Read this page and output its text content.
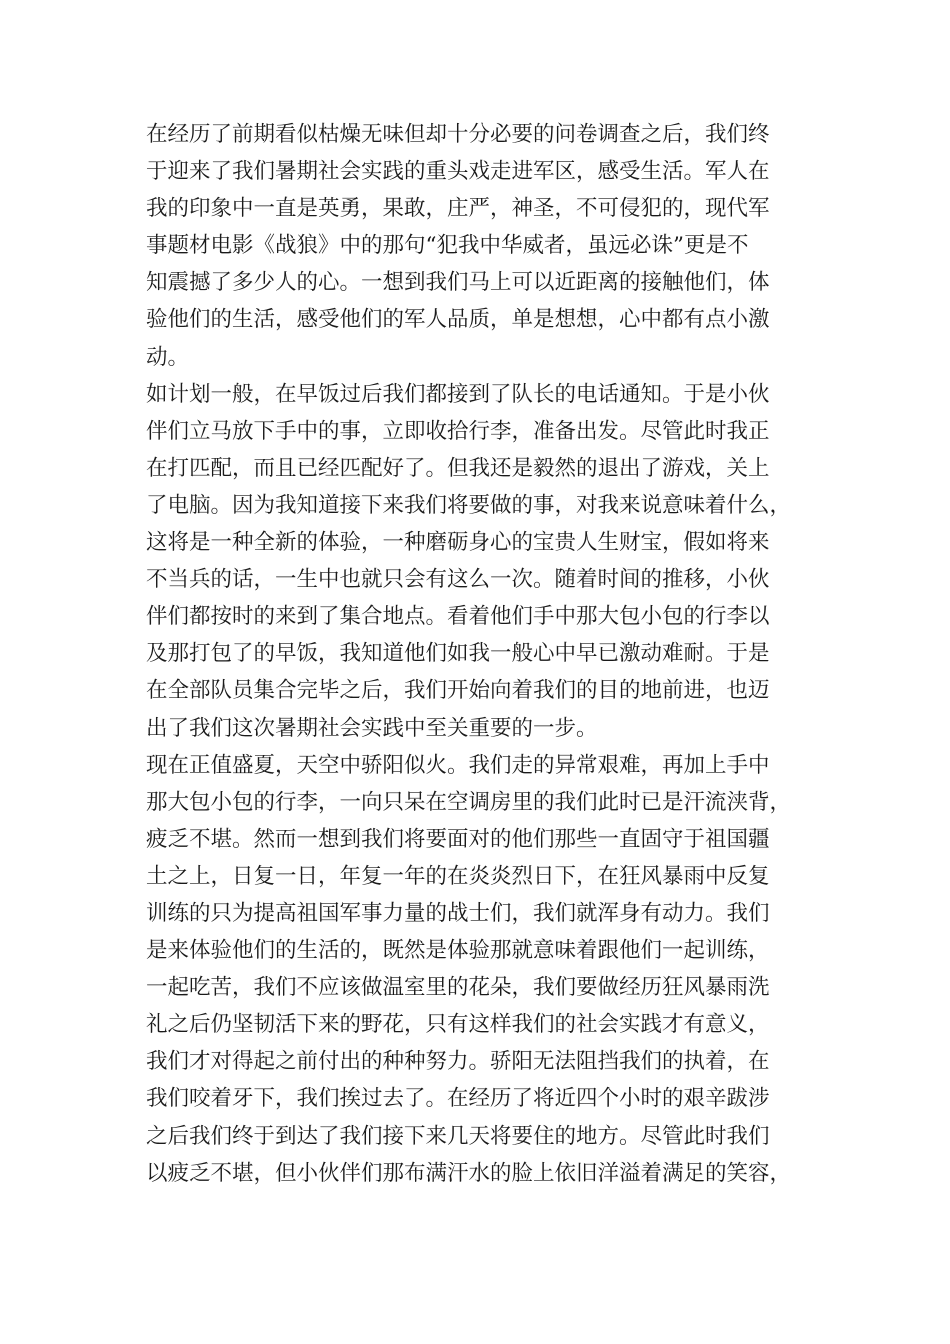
在经历了前期看似枯燥无味但却十分必要的问卷调查之后，我们终
于迎来了我们暑期社会实践的重头戏走进军区，感受生活。军人在
我的印象中一直是英勇，果敢，庄严，神圣，不可侵犯的，现代军
事题材电影《战狼》中的那句“犯我中华威者，虽远必诛”更是不
知震撼了多少人的心。一想到我们马上可以近距离的接触他们，体
验他们的生活，感受他们的军人品质，单是想想，心中都有点小激
动。
如计划一般，在早饭过后我们都接到了队长的电话通知。于是小伙
伴们立马放下手中的事，立即收拾行李，准备出发。尽管此时我正
在打匹配，而且已经匹配好了。但我还是毅然的退出了游戏，关上
了电脑。因为我知道接下来我们将要做的事，对我来说意味着什么，
这将是一种全新的体验，一种磨砺身心的宝贵人生财宝，假如将来
不当兵的话，一生中也就只会有这么一次。随着时间的推移，小伙
伴们都按时的来到了集合地点。看着他们手中那大包小包的行李以
及那打包了的早饭，我知道他们如我一般心中早已激动难耐。于是
在全部队员集合完毕之后，我们开始向着我们的目的地前进，也迈
出了我们这次暑期社会实践中至关重要的一步。
现在正值盛夏，天空中骄阳似火。我们走的异常艰难，再加上手中
那大包小包的行李，一向只呆在空调房里的我们此时已是汗流浃背，
疲乏不堪。然而一想到我们将要面对的他们那些一直固守于祖国疆
土之上，日复一日，年复一年的在炎炎烈日下，在狂风暴雨中反复
训练的只为提高祖国军事力量的战士们，我们就浑身有动力。我们
是来体验他们的生活的，既然是体验那就意味着跟他们一起训练，
一起吃苦，我们不应该做温室里的花朵，我们要做经历狂风暴雨洗
礼之后仍坚韧活下来的野花，只有这样我们的社会实践才有意义，
我们才对得起之前付出的种种努力。骄阳无法阻挡我们的执着，在
我们咬着牙下，我们挨过去了。在经历了将近四个小时的艰辛跋涉
之后我们终于到达了我们接下来几天将要住的地方。尽管此时我们
以疲乏不堪，但小伙伴们那布满汗水的脸上依旧洋溢着满足的笑容，
